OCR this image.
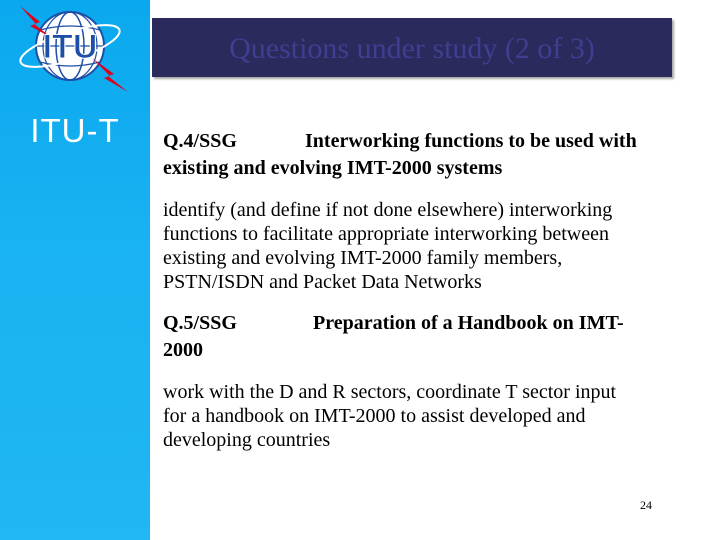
ITU
ITU-T
Questions under study (2 of 3)

Q.4/SSG	Interworking functions to be used with
existing and evolving IMT-2000 systems

identify (and define if not done elsewhere) interworking
functions to facilitate appropriate interworking between
existing and evolving IMT-2000 family members,
PSTN/ISDN and Packet Data Networks

Q.5/SSG	Preparation of a Handbook on IMT-
2000

work with the D and R sectors, coordinate T sector input
for a handbook on IMT-2000 to assist developed and
developing countries

24
